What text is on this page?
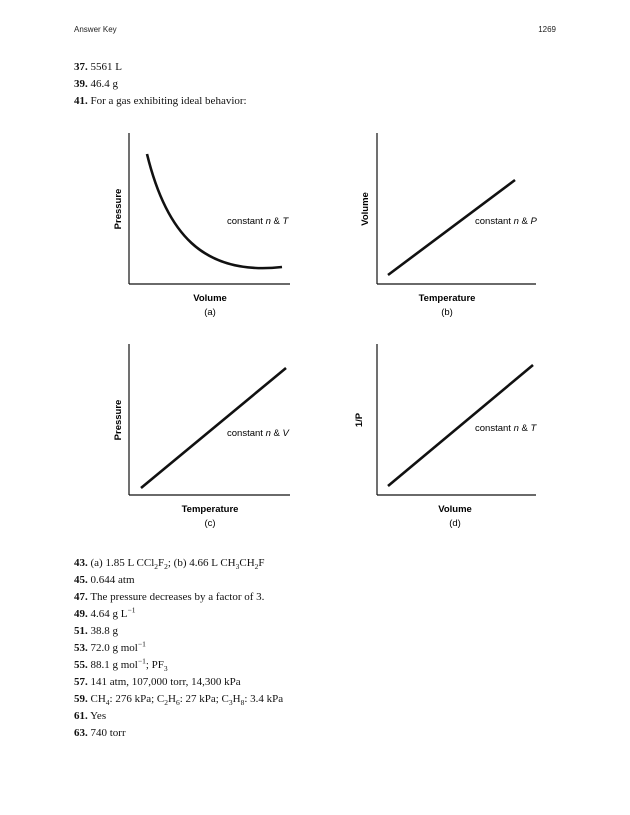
Answer Key	1269
37. 5561 L
39. 46.4 g
41. For a gas exhibiting ideal behavior:
Pressure
Volume
(a)
constant n & T	Volume
Temperature
(b)
constant n & P
Pressure
Temperature
(c)
constant n & V
1/P
Volume
(d)
constant n & T
43. (a) 1.85 L $CCl_2F_2$; (b) 4.66 L $CH_3CH_2F$
45. 0.644 atm
47. The pressure decreases by a factor of 3.
49. 4.64 g $L^{-1}$
51. 38.8 g
53. 72.0 g mol$^{-1}$
55. 88.1 g mol$^{-1}$; $PF_3$
57. 141 atm, 107,000 torr, 14,300 kPa
59. $CH_4$: 276 kPa; $C_2H_6$: 27 kPa; $C_3H_8$: 3.4 kPa
61. Yes
63. 740 torr
